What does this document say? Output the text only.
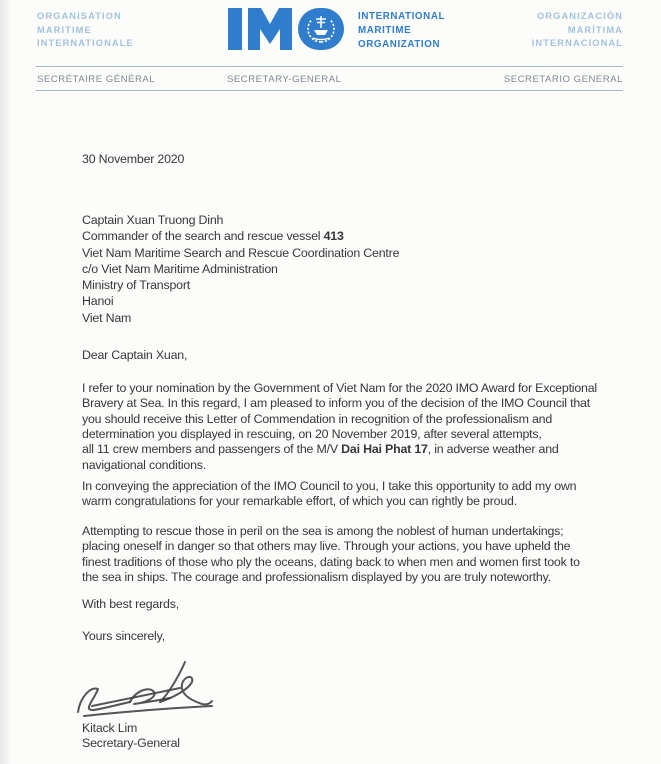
ORGANISATION
MARITIME
INTERNATIONALE
INTERNATIONAL
MARITIME
ORGANIZATION
ORGANIZACIÓN
MARÍTIMA
INTERNACIONAL
SECRÉTAIRE GÉNÉRAL	SECRETARY-GENERAL	SECRETARIO GENERAL
30 November 2020
Captain Xuan Truong Dinh
Commander of the search and rescue vessel 413
Viet Nam Maritime Search and Rescue Coordination Centre
c/o Viet Nam Maritime Administration
Ministry of Transport
Hanoi
Viet Nam
Dear Captain Xuan,
I refer to your nomination by the Government of Viet Nam for the 2020 IMO Award for Exceptional
Bravery at Sea. In this regard, I am pleased to inform you of the decision of the IMO Council that
you should receive this Letter of Commendation in recognition of the professionalism and
determination you displayed in rescuing, on 20 November 2019, after several attempts,
all 11 crew members and passengers of the M/V Dai Hai Phat 17, in adverse weather and
navigational conditions.
In conveying the appreciation of the IMO Council to you, I take this opportunity to add my own
warm congratulations for your remarkable effort, of which you can rightly be proud.
Attempting to rescue those in peril on the sea is among the noblest of human undertakings;
placing oneself in danger so that others may live. Through your actions, you have upheld the
finest traditions of those who ply the oceans, dating back to when men and women first took to
the sea in ships. The courage and professionalism displayed by you are truly noteworthy.
With best regards,
Yours sincerely,
Kitack Lim
Secretary-General
